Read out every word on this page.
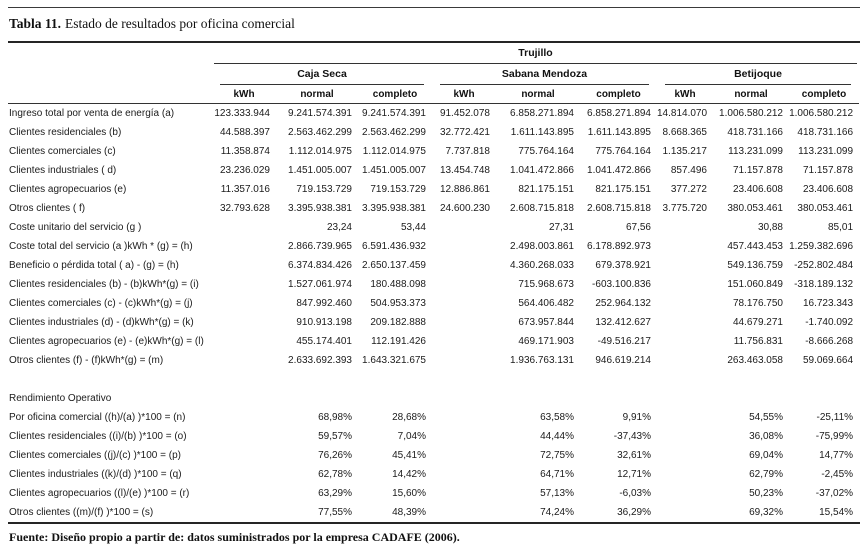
Tabla 11. Estado de resultados por oficina comercial

	Trujillo								

	Caja Seca			Sabana Mendoza			Betijoque		

	kWh	normal	completo	kWh	normal	completo	kWh	normal	completo
Ingreso total por venta de energía (a)	123.333.944	9.241.574.391	9.241.574.391	91.452.078	6.858.271.894	6.858.271.894	14.814.070	1.006.580.212	1.006.580.212
Clientes residenciales (b)	44.588.397	2.563.462.299	2.563.462.299	32.772.421	1.611.143.895	1.611.143.895	8.668.365	418.731.166	418.731.166
Clientes comerciales (c)	11.358.874	1.112.014.975	1.112.014.975	7.737.818	775.764.164	775.764.164	1.135.217	113.231.099	113.231.099
Clientes industriales ( d)	23.236.029	1.451.005.007	1.451.005.007	13.454.748	1.041.472.866	1.041.472.866	857.496	71.157.878	71.157.878
Clientes agropecuarios (e)	11.357.016	719.153.729	719.153.729	12.886.861	821.175.151	821.175.151	377.272	23.406.608	23.406.608
Otros clientes ( f)	32.793.628	3.395.938.381	3.395.938.381	24.600.230	2.608.715.818	2.608.715.818	3.775.720	380.053.461	380.053.461
Coste unitario del servicio (g )		23,24	53,44		27,31	67,56		30,88	85,01
Coste total del servicio (a )kWh * (g) = (h)		2.866.739.965	6.591.436.932		2.498.003.861	6.178.892.973		457.443.453	1.259.382.696
Beneficio o pérdida total ( a) - (g) = (h)		6.374.834.426	2.650.137.459		4.360.268.033	679.378.921		549.136.759	-252.802.484
Clientes residenciales (b) - (b)kWh*(g) = (i)		1.527.061.974	180.488.098		715.968.673	-603.100.836		151.060.849	-318.189.132
Clientes comerciales (c) - (c)kWh*(g) = (j)		847.992.460	504.953.373		564.406.482	252.964.132		78.176.750	16.723.343
Clientes industriales (d) - (d)kWh*(g) = (k)		910.913.198	209.182.888		673.957.844	132.412.627		44.679.271	-1.740.092
Clientes agropecuarios (e) - (e)kWh*(g) = (l)		455.174.401	112.191.426		469.171.903	-49.516.217		11.756.831	-8.666.268
Otros clientes (f) - (f)kWh*(g) = (m)		2.633.692.393	1.643.321.675		1.936.763.131	946.619.214		263.463.058	59.069.664

Rendimiento Operativo									
Por oficina comercial ((h)/(a) )*100 = (n)		68,98%	28,68%		63,58%	9,91%		54,55%	-25,11%
Clientes residenciales ((i)/(b) )*100 = (o)		59,57%	7,04%		44,44%	-37,43%		36,08%	-75,99%
Clientes comerciales ((j)/(c) )*100 = (p)		76,26%	45,41%		72,75%	32,61%		69,04%	14,77%
Clientes industriales ((k)/(d) )*100 = (q)		62,78%	14,42%		64,71%	12,71%		62,79%	-2,45%
Clientes agropecuarios ((l)/(e) )*100 = (r)		63,29%	15,60%		57,13%	-6,03%		50,23%	-37,02%
Otros clientes ((m)/(f) )*100 = (s)		77,55%	48,39%		74,24%	36,29%		69,32%	15,54%
Fuente: Diseño propio a partir de: datos suministrados por la empresa CADAFE (2006).
